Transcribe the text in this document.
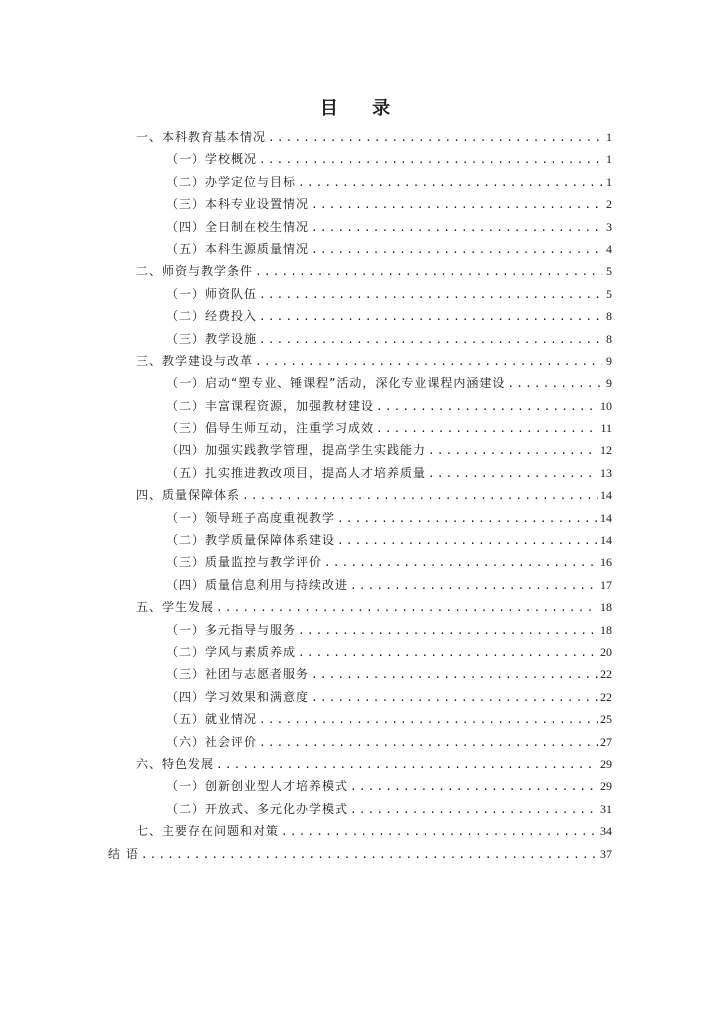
目 录
一、本科教育基本情况 .....	1
（一）学校概况 .....	1
（二）办学定位与目标 .....	1
（三）本科专业设置情况 .....	2
（四）全日制在校生情况 .....	3
（五）本科生源质量情况 .....	4
二、师资与教学条件 .....	5
（一）师资队伍 .....	5
（二）经费投入 .....	8
（三）教学设施 .....	8
三、教学建设与改革 .....	9
（一）启动“塑专业、锤课程”活动，深化专业课程内涵建设 .....	9
（二）丰富课程资源，加强教材建设 .....	10
（三）倡导生师互动，注重学习成效 .....	11
（四）加强实践教学管理，提高学生实践能力 .....	12
（五）扎实推进教改项目，提高人才培养质量 .....	13
四、质量保障体系 .....	14
（一）领导班子高度重视教学 .....	14
（二）教学质量保障体系建设 .....	14
（三）质量监控与教学评价 .....	16
（四）质量信息利用与持续改进 .....	17
五、学生发展 .....	18
（一）多元指导与服务 .....	18
（二）学风与素质养成 .....	20
（三）社团与志愿者服务 .....	22
（四）学习效果和满意度 .....	22
（五）就业情况 .....	25
（六）社会评价 .....	27
六、特色发展 .....	29
（一）创新创业型人才培养模式 .....	29
（二）开放式、多元化办学模式 .....	31
七、主要存在问题和对策 .....	34
结 语 .....	37
